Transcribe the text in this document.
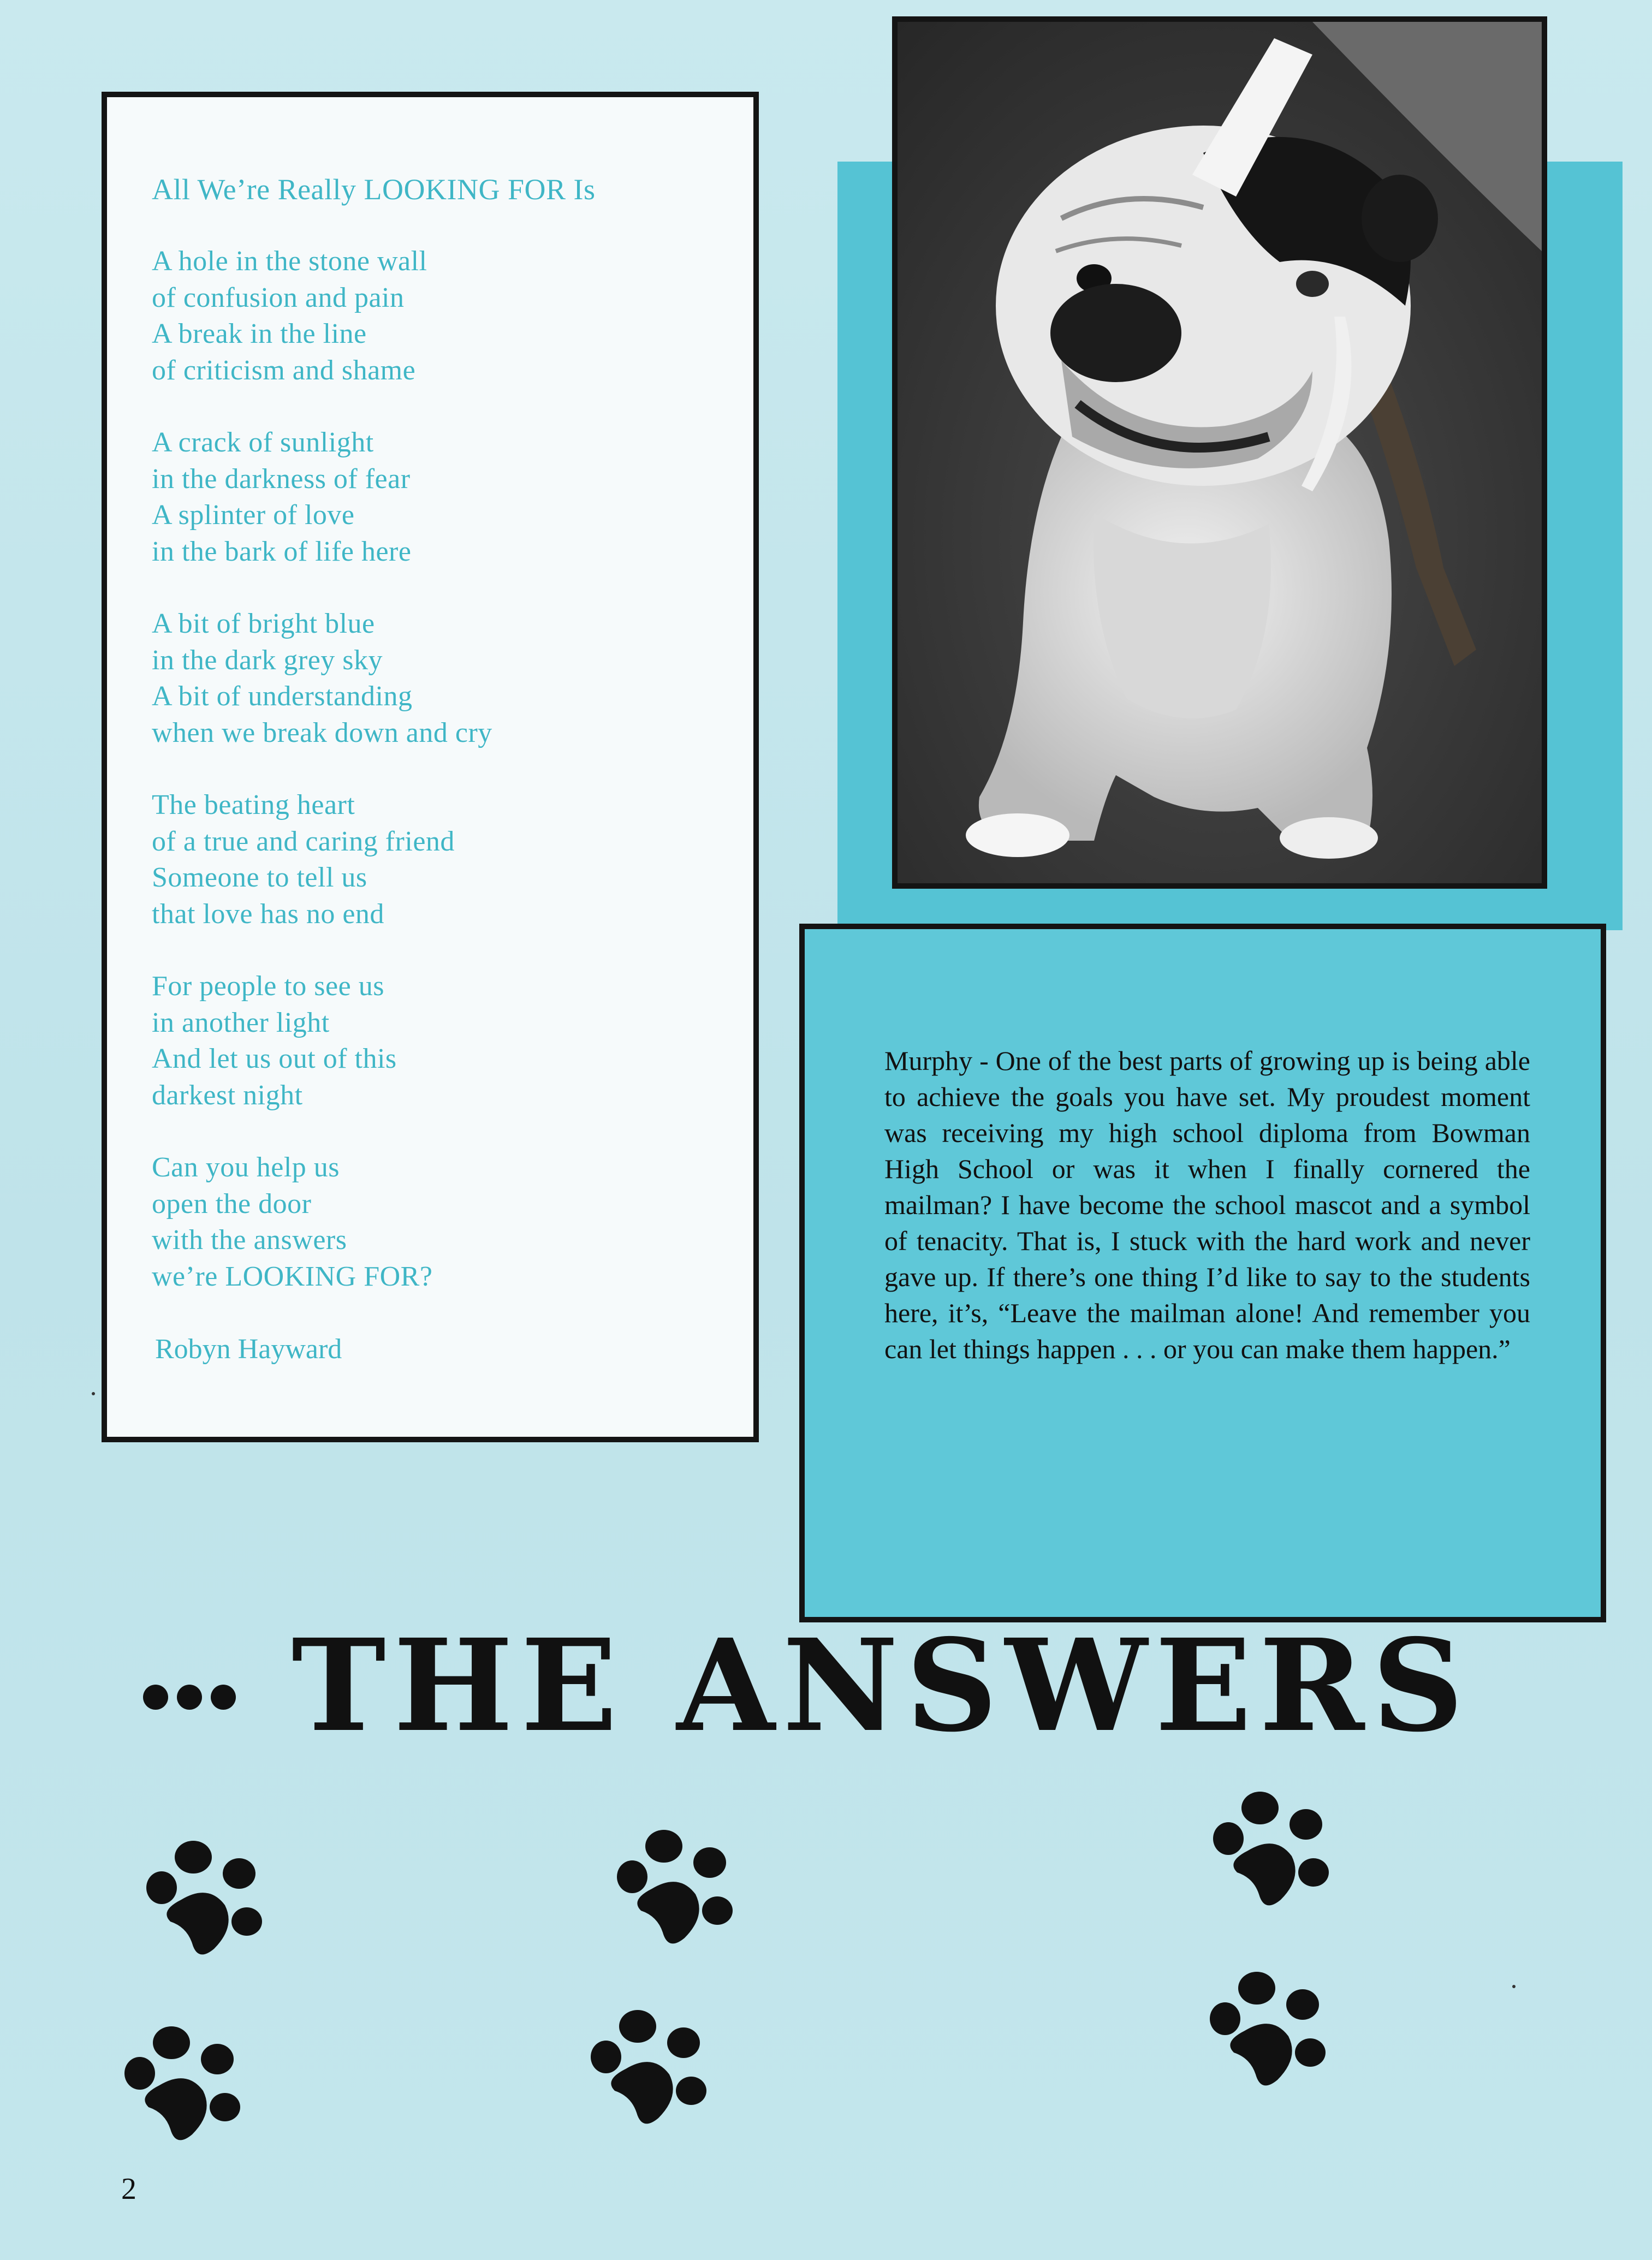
All We’re Really LOOKING FOR Is
A hole in the stone wall
of confusion and pain
A break in the line
of criticism and shame
A crack of sunlight
in the darkness of fear
A splinter of love
in the bark of life here
A bit of bright blue
in the dark grey sky
A bit of understanding
when we break down and cry
The beating heart
of a true and caring friend
Someone to tell us
that love has no end
For people to see us
in another light
And let us out of this
darkest night
Can you help us
open the door
with the answers
we’re LOOKING FOR?
Robyn Hayward
Murphy - One of the best parts of growing up is being able to achieve the goals you have set. My proudest moment was receiving my high school diploma from Bowman High School or was it when I finally cornered the mailman? I have become the school mascot and a symbol of tenacity. That is, I stuck with the hard work and never gave up. If there’s one thing I’d like to say to the students here, it’s, “Leave the mailman alone! And remember you can let things happen . . . or you can make them happen.”
THE ANSWERS
2
